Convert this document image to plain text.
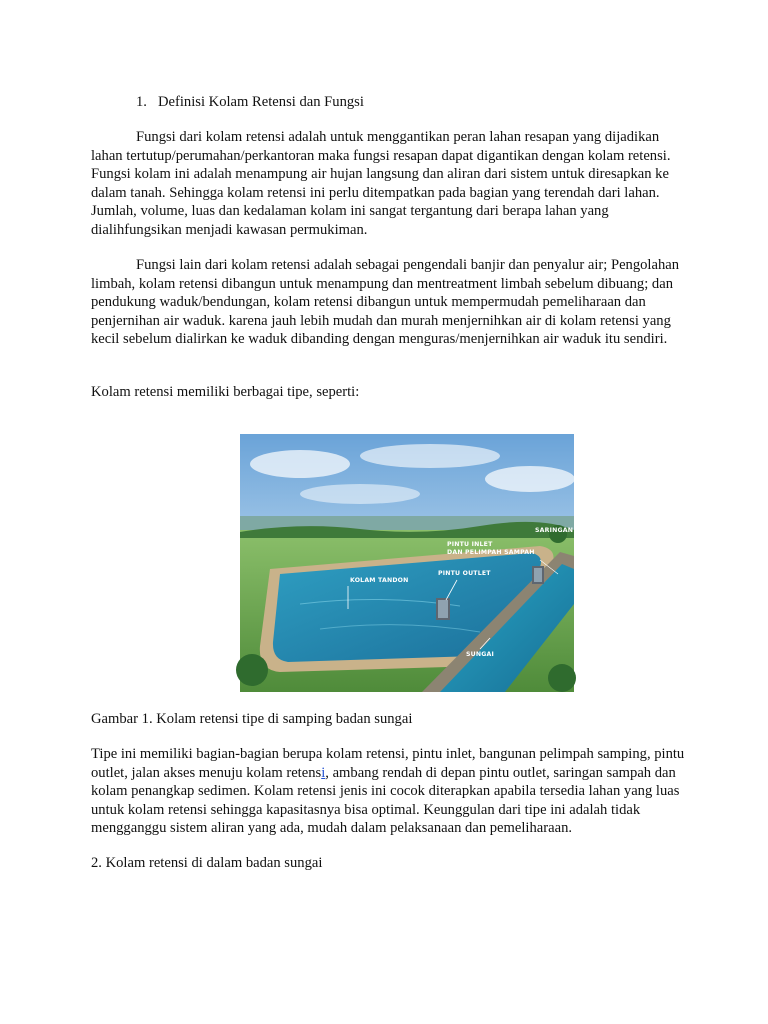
1. Definisi Kolam Retensi dan Fungsi

Fungsi dari kolam retensi adalah untuk menggantikan peran lahan resapan yang dijadikan lahan tertutup/perumahan/perkantoran maka fungsi resapan dapat digantikan dengan kolam retensi. Fungsi kolam ini adalah menampung air hujan langsung dan aliran dari sistem untuk diresapkan ke dalam tanah. Sehingga kolam retensi ini perlu ditempatkan pada bagian yang terendah dari lahan. Jumlah, volume, luas dan kedalaman kolam ini sangat tergantung dari berapa lahan yang dialihfungsikan menjadi kawasan permukiman.

Fungsi lain dari kolam retensi adalah sebagai pengendali banjir dan penyalur air; Pengolahan limbah, kolam retensi dibangun untuk menampung dan mentreatment limbah sebelum dibuang; dan pendukung waduk/bendungan, kolam retensi dibangun untuk mempermudah pemeliharaan dan penjernihan air waduk. karena jauh lebih mudah dan murah menjernihkan air di kolam retensi yang kecil sebelum dialirkan ke waduk dibanding dengan menguras/menjernihkan air waduk itu sendiri.

Kolam retensi memiliki berbagai tipe, seperti:

SARINGAN SAMPAH
PINTU INLET
DAN PELIMPAH SAMPAH
PINTU OUTLET
KOLAM TANDON
SUNGAI

Gambar 1. Kolam retensi tipe di samping badan sungai

Tipe ini memiliki bagian-bagian berupa kolam retensi, pintu inlet, bangunan pelimpah samping, pintu outlet, jalan akses menuju kolam retensi, ambang rendah di depan pintu outlet, saringan sampah dan kolam penangkap sedimen. Kolam retensi jenis ini cocok diterapkan apabila tersedia lahan yang luas untuk kolam retensi sehingga kapasitasnya bisa optimal. Keunggulan dari tipe ini adalah tidak mengganggu sistem aliran yang ada, mudah dalam pelaksanaan dan pemeliharaan.

2. Kolam retensi di dalam badan sungai
